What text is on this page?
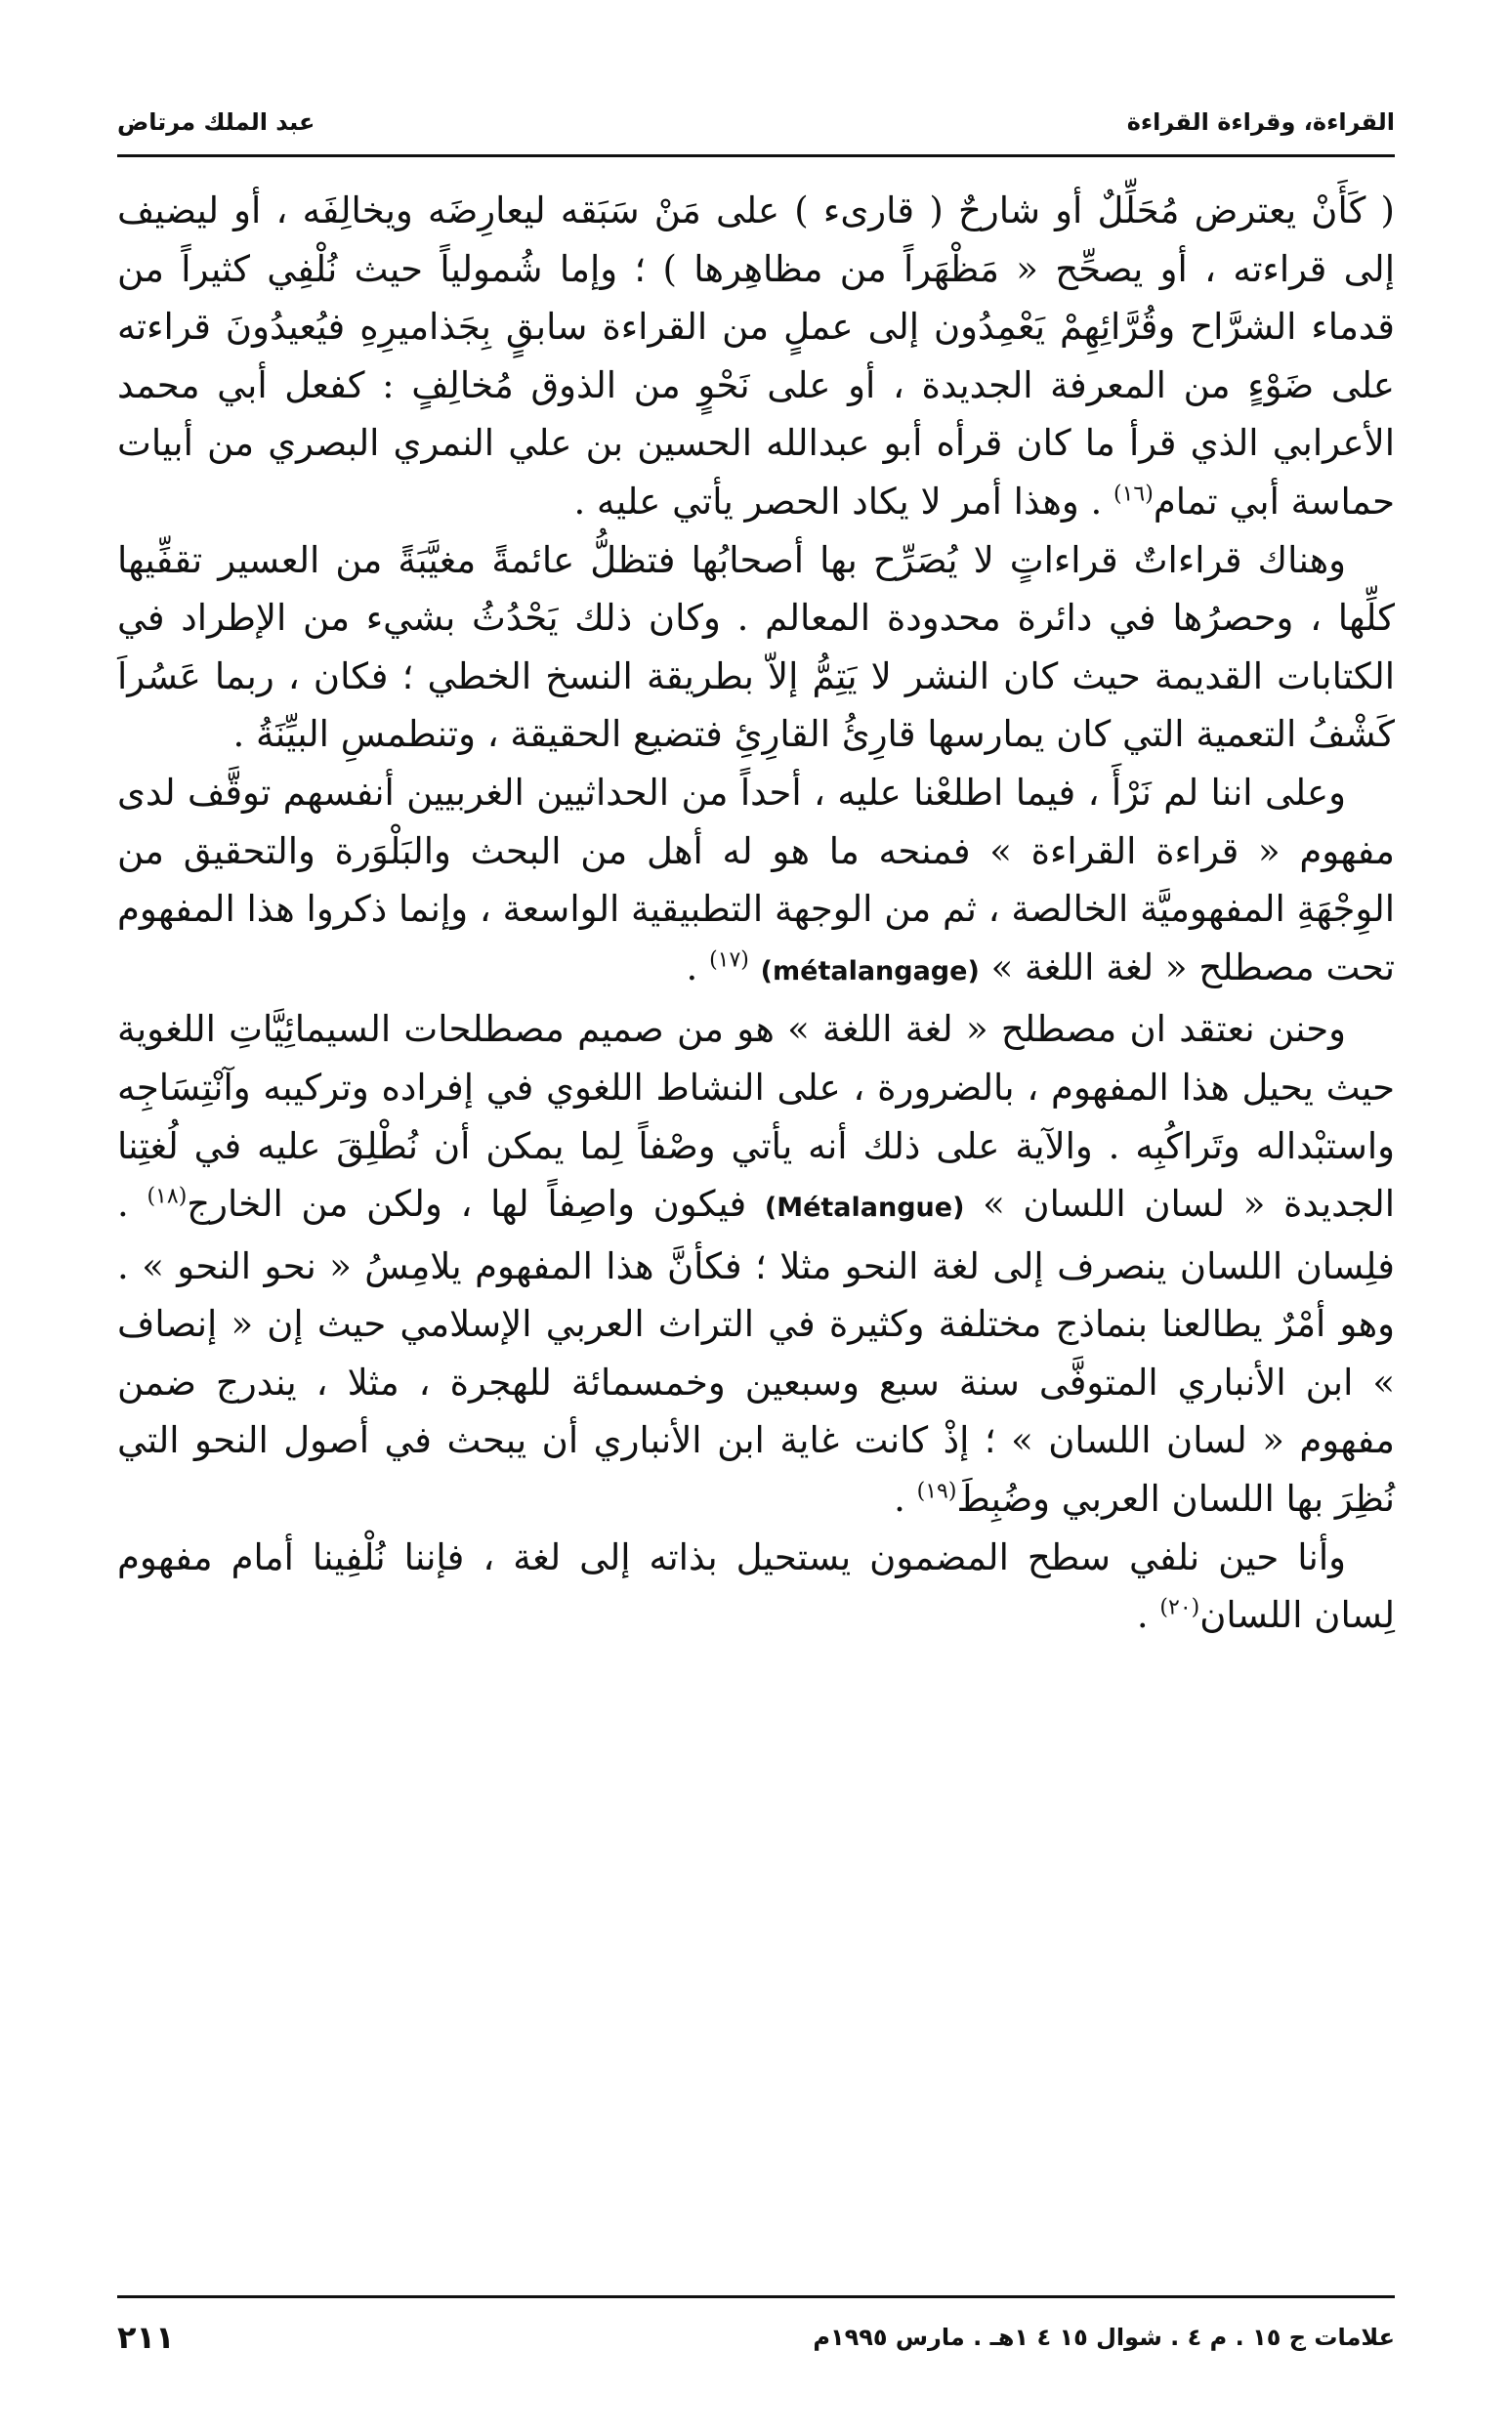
القراءة، وقراءة القراءة
عبد الملك مرتاض

( كَأَنْ يعترض مُحَلِّلٌ أو شارحٌ ( قارىء ) على مَنْ سَبَقه ليعارِضَه ويخالِفَه ، أو ليضيف إلى قراءته ، أو يصحِّح « مَظْهَراً من مظاهِرها ) ؛ وإما شُمولياً حيث نُلْفِي كثيراً من قدماء الشرَّاح وقُرَّائِهِمْ يَعْمِدُون إلى عملٍ من القراءة سابقٍ بِجَذاميرِهِ فيُعيدُونَ قراءته على ضَوْءٍ من المعرفة الجديدة ، أو على نَحْوٍ من الذوق مُخالِفٍ : كفعل أبي محمد الأعرابي الذي قرأ ما كان قرأه أبو عبدالله الحسين بن علي النمري البصري من أبيات حماسة أبي تمام$^{(١٦)}$ . وهذا أمر لا يكاد الحصر يأتي عليه .

وهناك قراءاتٌ قراءاتٍ لا يُصَرِّح بها أصحابُها فتظلُّ عائمةً مغيَّبَةً من العسير تقفِّيها كلِّها ، وحصرُها في دائرة محدودة المعالم . وكان ذلك يَحْدُثُ بشيء من الإطراد في الكتابات القديمة حيث كان النشر لا يَتِمُّ إلاّ بطريقة النسخ الخطي ؛ فكان ، ربما عَسُراَ كَشْفُ التعمية التي كان يمارسها قارِئُ القارِئِ فتضيع الحقيقة ، وتنطمسِ البيِّنَةُ .

وعلى اننا لم نَرْأَ ، فيما اطلعْنا عليه ، أحداً من الحداثيين الغربيين أنفسهم توقَّف لدى مفهوم « قراءة القراءة » فمنحه ما هو له أهل من البحث والبَلْوَرة والتحقيق من الوِجْهَةِ المفهوميَّة الخالصة ، ثم من الوجهة التطبيقية الواسعة ، وإنما ذكروا هذا المفهوم تحت مصطلح « لغة اللغة » (métalangage) $^{(١٧)}$ .

وحنن نعتقد ان مصطلح « لغة اللغة » هو من صميم مصطلحات السيمائِيَّاتِ اللغوية حيث يحيل هذا المفهوم ، بالضرورة ، على النشاط اللغوي في إفراده وتركيبه وآنْتِسَاجِه واستبْداله وتَراكُبِه . والآية على ذلك أنه يأتي وصْفاً لِما يمكن أن نُطْلِقَ عليه في لُغتِنا الجديدة « لسان اللسان » (Métalangue) فيكون واصِفاً لها ، ولكن من الخارج$^{(١٨)}$ . فلِسان اللسان ينصرف إلى لغة النحو مثلا ؛ فكأنَّ هذا المفهوم يلامِسُ « نحو النحو » . وهو أمْرٌ يطالعنا بنماذج مختلفة وكثيرة في التراث العربي الإسلامي حيث إن « إنصاف » ابن الأنباري المتوفَّى سنة سبع وسبعين وخمسمائة للهجرة ، مثلا ، يندرج ضمن مفهوم « لسان اللسان » ؛ إذْ كانت غاية ابن الأنباري أن يبحث في أصول النحو التي نُظِرَ بها اللسان العربي وضُبِطَ$^{(١٩)}$ .

وأنا حين نلفي سطح المضمون يستحيل بذاته إلى لغة ، فإننا نُلْفِينا أمام مفهوم لِسان اللسان$^{(٢٠)}$ .

علامات ج ١٥ . م ٤ . شوال ١٥ ٤ ١هـ . مارس ١٩٩٥م
٢١١
